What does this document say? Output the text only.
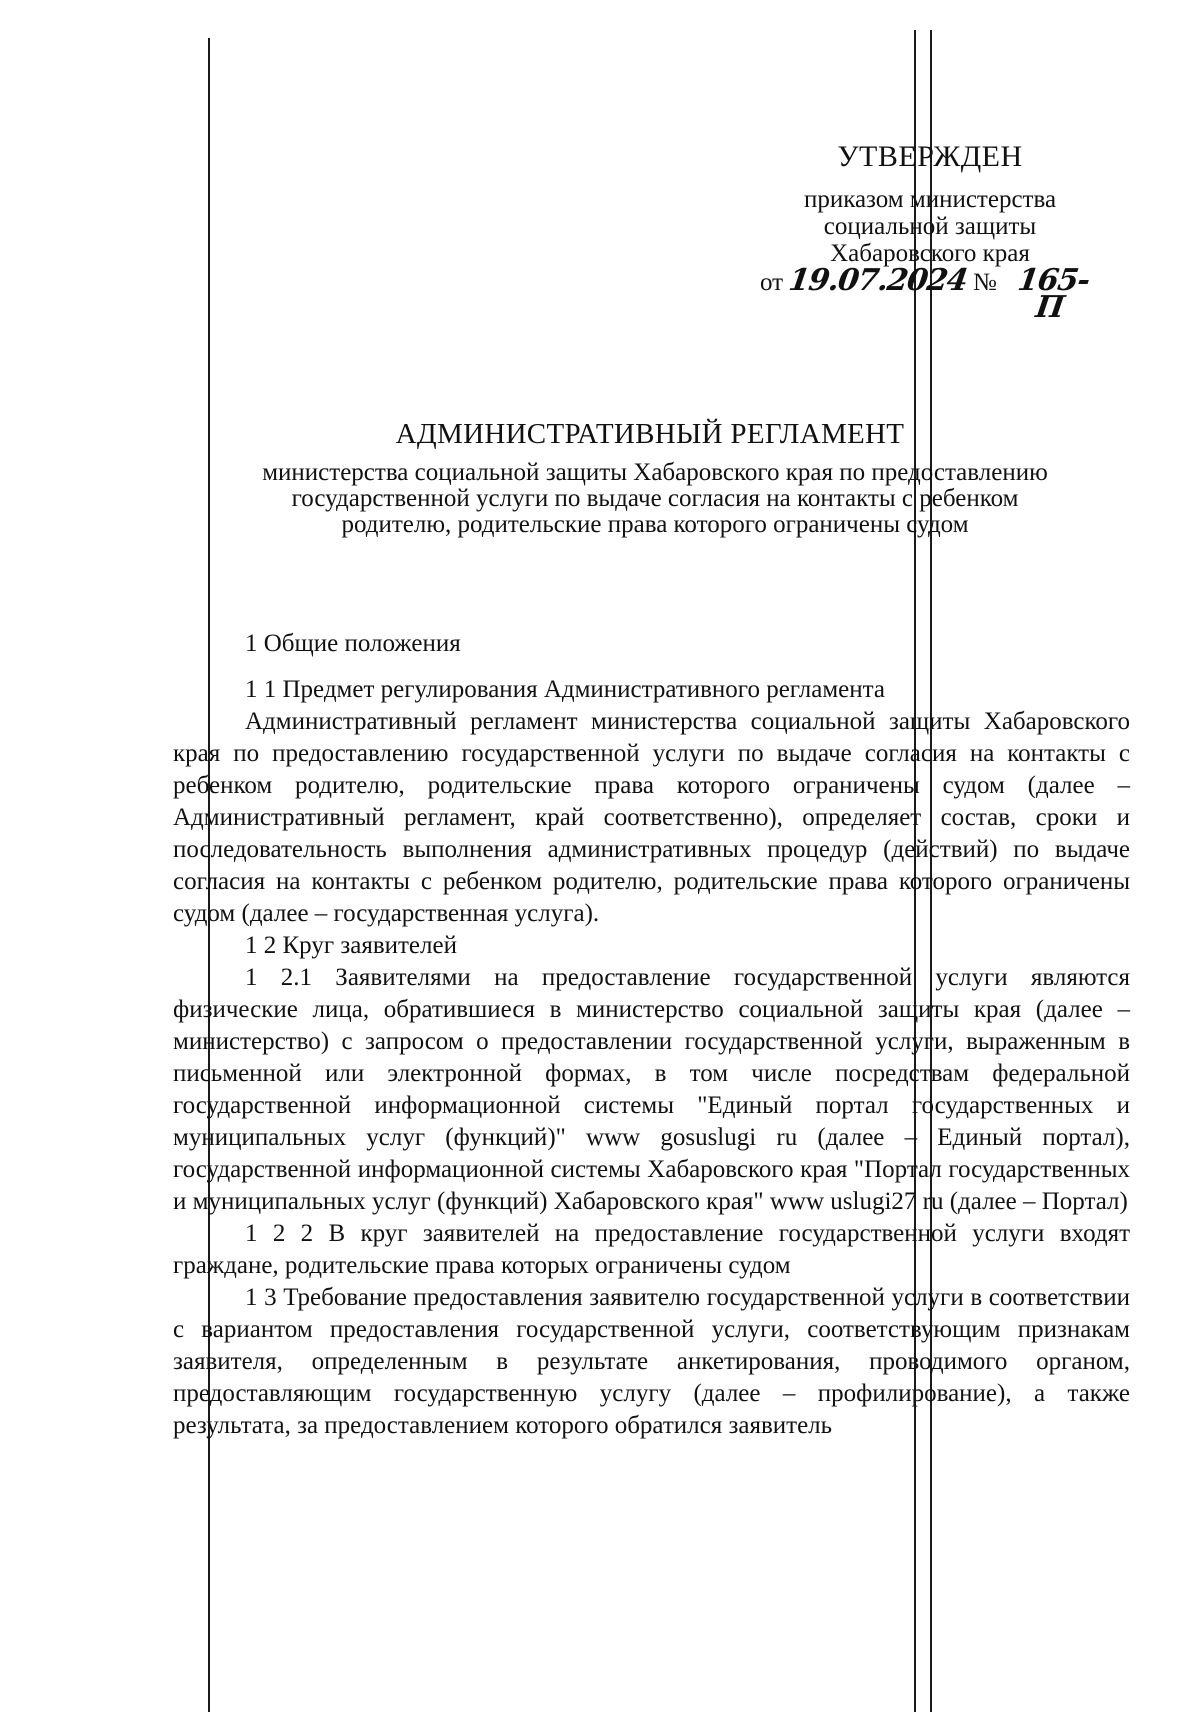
УТВЕРЖДЕН
приказом министерства
социальной защиты
Хабаровского края
от 19.07.2024 № 165-П
АДМИНИСТРАТИВНЫЙ РЕГЛАМЕНТ
министерства социальной защиты Хабаровского края по предоставлению
государственной услуги по выдаче согласия на контакты с ребенком
родителю, родительские права которого ограничены судом

1 Общие положения

1 1 Предмет регулирования Административного регламента

Административный регламент министерства социальной защиты Хабаровского края по предоставлению государственной услуги по выдаче согласия на контакты с ребенком родителю, родительские права которого ограничены судом (далее – Административный регламент, край соответственно), определяет состав, сроки и последовательность выполнения административных процедур (действий) по выдаче согласия на контакты с ребенком родителю, родительские права которого ограничены судом (далее – государственная услуга).

1 2 Круг заявителей

1 2.1 Заявителями на предоставление государственной услуги являются физические лица, обратившиеся в министерство социальной защиты края (далее – министерство) с запросом о предоставлении государственной услуги, выраженным в письменной или электронной формах, в том числе посредствам федеральной государственной информационной системы "Единый портал государственных и муниципальных услуг (функций)" www gosuslugi ru (далее – Единый портал), государственной информационной системы Хабаровского края "Портал государственных и муниципальных услуг (функций) Хабаровского края" www uslugi27 ru (далее – Портал)

1 2 2 В круг заявителей на предоставление государственной услуги входят граждане, родительские права которых ограничены судом

1 3 Требование предоставления заявителю государственной услуги в соответствии с вариантом предоставления государственной услуги, соответствующим признакам заявителя, определенным в результате анкетирования, проводимого органом, предоставляющим государственную услугу (далее – профилирование), а также результата, за предоставлением которого обратился заявитель
